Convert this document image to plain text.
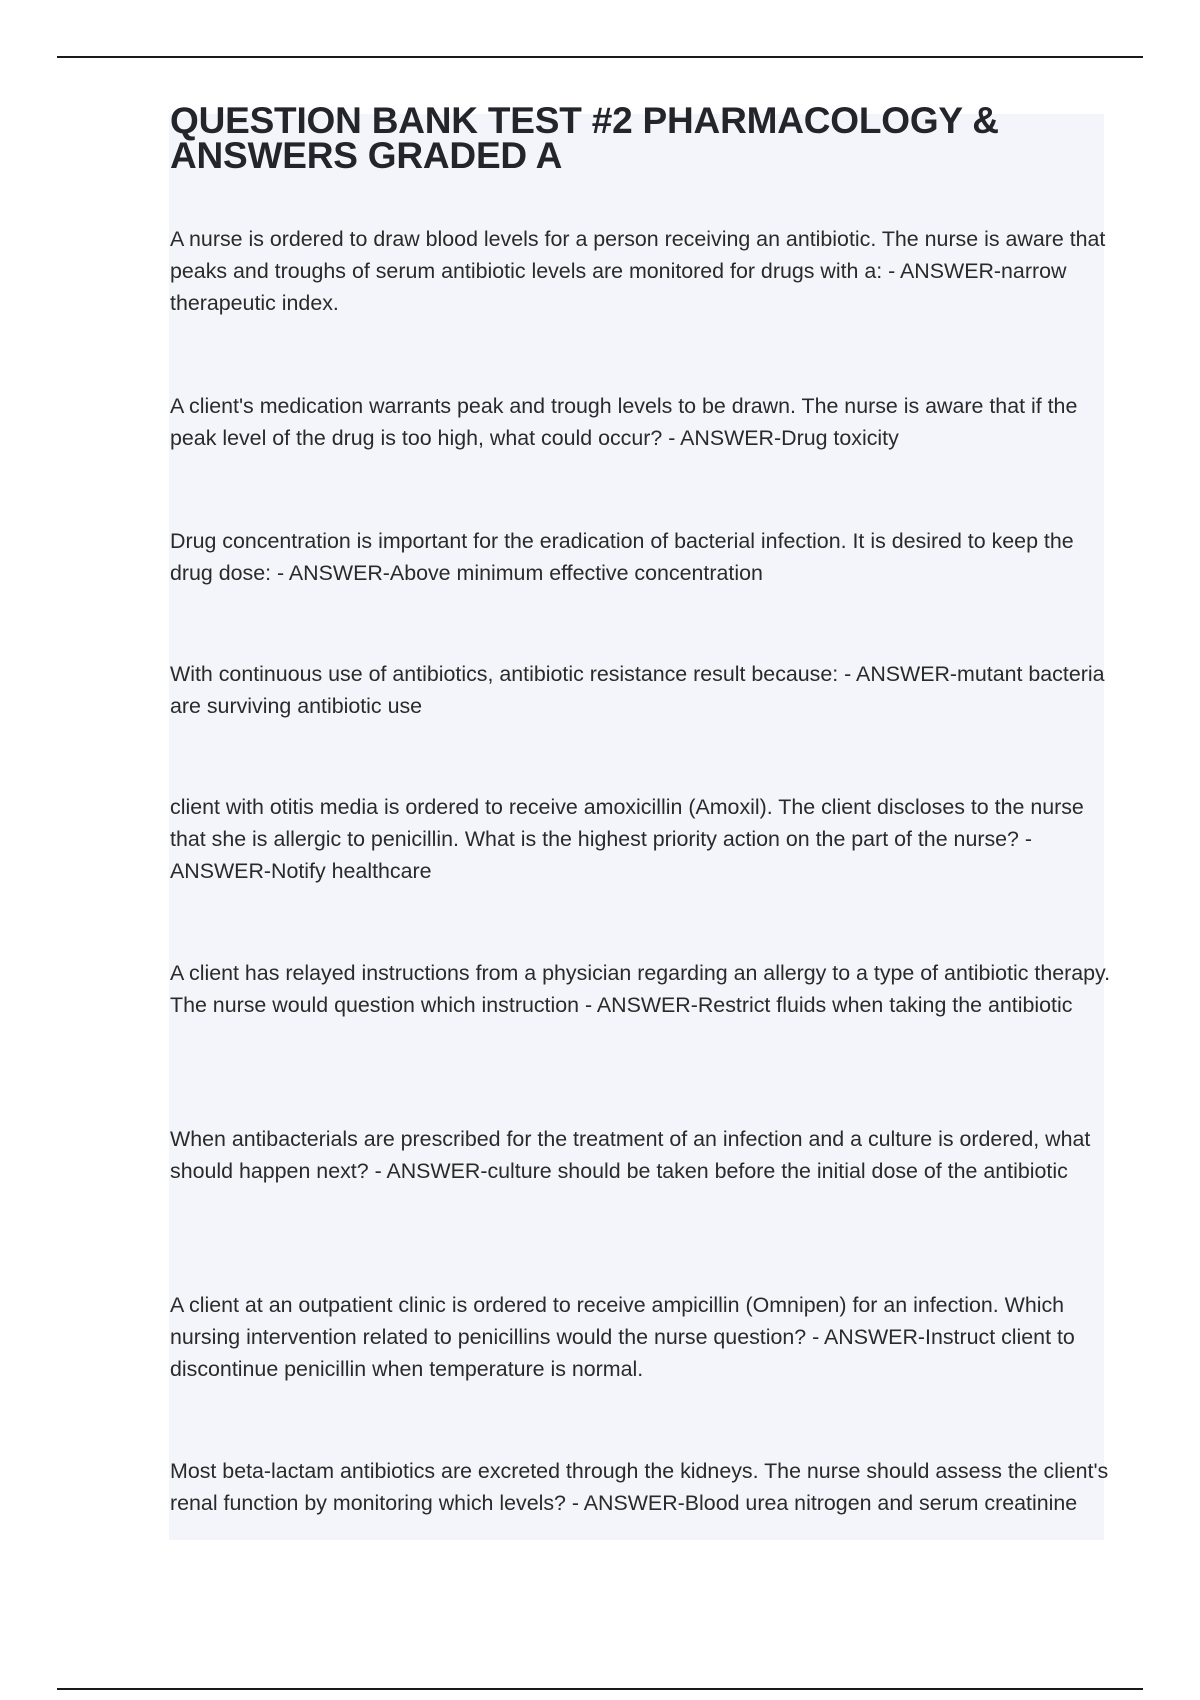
QUESTION BANK TEST #2 PHARMACOLOGY & ANSWERS GRADED A

A nurse is ordered to draw blood levels for a person receiving an antibiotic. The nurse is aware that peaks and troughs of serum antibiotic levels are monitored for drugs with a: - ANSWER-narrow therapeutic index.

A client's medication warrants peak and trough levels to be drawn. The nurse is aware that if the peak level of the drug is too high, what could occur? - ANSWER-Drug toxicity

Drug concentration is important for the eradication of bacterial infection. It is desired to keep the drug dose: - ANSWER-Above minimum effective concentration

With continuous use of antibiotics, antibiotic resistance result because: - ANSWER-mutant bacteria are surviving antibiotic use

client with otitis media is ordered to receive amoxicillin (Amoxil). The client discloses to the nurse that she is allergic to penicillin. What is the highest priority action on the part of the nurse? - ANSWER-Notify healthcare

A client has relayed instructions from a physician regarding an allergy to a type of antibiotic therapy. The nurse would question which instruction - ANSWER-Restrict fluids when taking the antibiotic

When antibacterials are prescribed for the treatment of an infection and a culture is ordered, what should happen next? - ANSWER-culture should be taken before the initial dose of the antibiotic

A client at an outpatient clinic is ordered to receive ampicillin (Omnipen) for an infection. Which nursing intervention related to penicillins would the nurse question? - ANSWER-Instruct client to discontinue penicillin when temperature is normal.

Most beta-lactam antibiotics are excreted through the kidneys. The nurse should assess the client's renal function by monitoring which levels? - ANSWER-Blood urea nitrogen and serum creatinine
